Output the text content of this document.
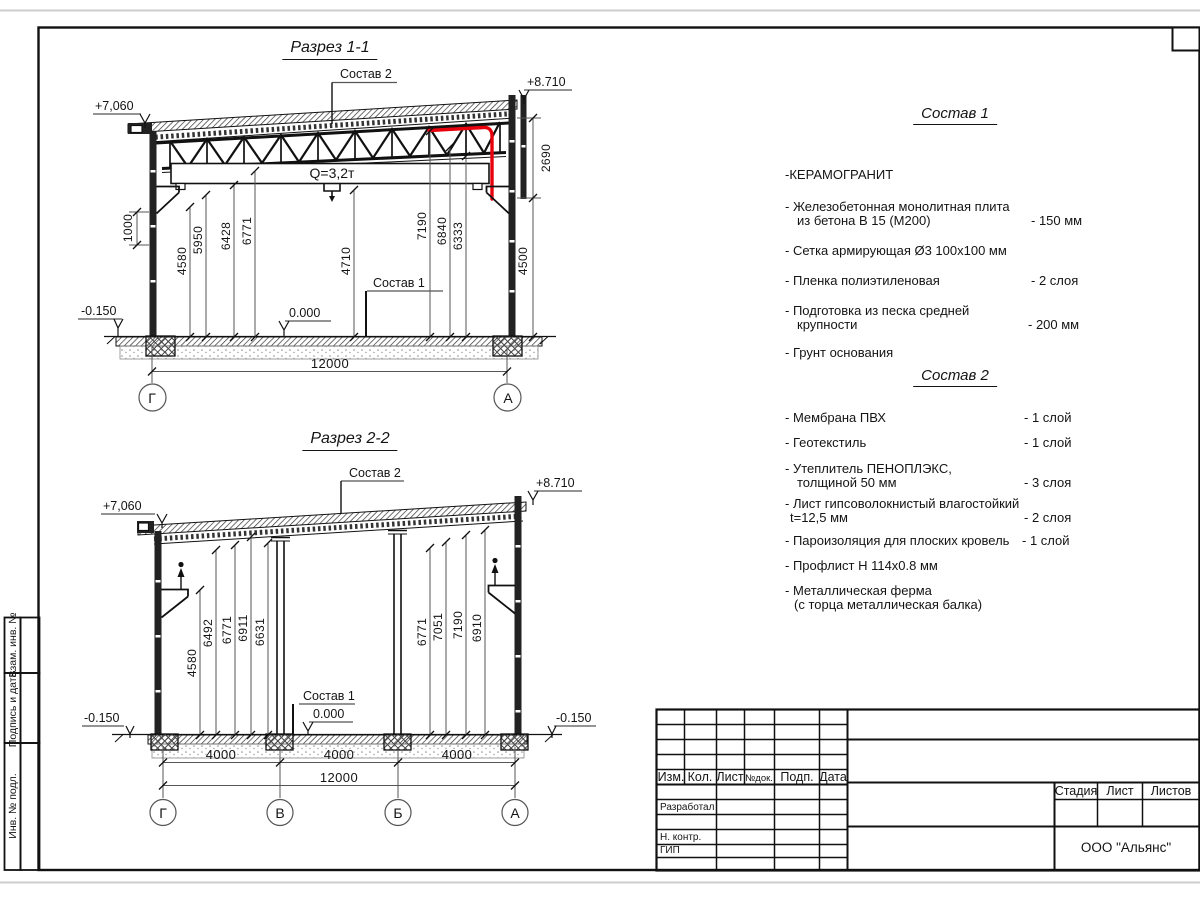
Разрез 1-1
Состав 2
Состав 1
Q=3,2т
+7,060
+8.710
0.000
-0.150
4580
5950 6428 6771
4710
7190 6840 6333
1000
2690
4500
12000
Г	А
Разрез 2-2
Состав 2
Состав 1
+8.710
+7,060
0.000
-0.150	-0.150
4580
6492 6771 6911 6631	6771 7051 7190 6910
4000	4000	4000
12000
Г	В	Б	А
Состав 1
-КЕРАМОГРАНИТ
- Железобетонная монолитная плита
из бетона В 15 (М200)	- 150 мм
- Сетка армирующая Ø3 100х100 мм
- Пленка полиэтиленовая	- 2 слоя
- Подготовка из песка средней
крупности	- 200 мм
- Грунт основания
Состав 2
- Мембрана ПВХ	- 1 слой
- Геотекстиль	- 1 слой
- Утеплитель ПЕНОПЛЭКС,
толщиной 50 мм	- 3 слоя
- Лист гипсоволокнистый влагостойкий
t=12,5 мм	- 2 слоя
- Пароизоляция для плоских кровель - 1 слой
- Профлист Н 114х0.8 мм
- Металлическая ферма
(с торца металлическая балка)
Изм. Кол. Лист №док. Подп. Дата
Разработал
Н. контр.
ГИП
Стадия Лист Листов
ООО "Альянс"
Взам. инв. №
Подпись и дата.
Инв. № подл.
